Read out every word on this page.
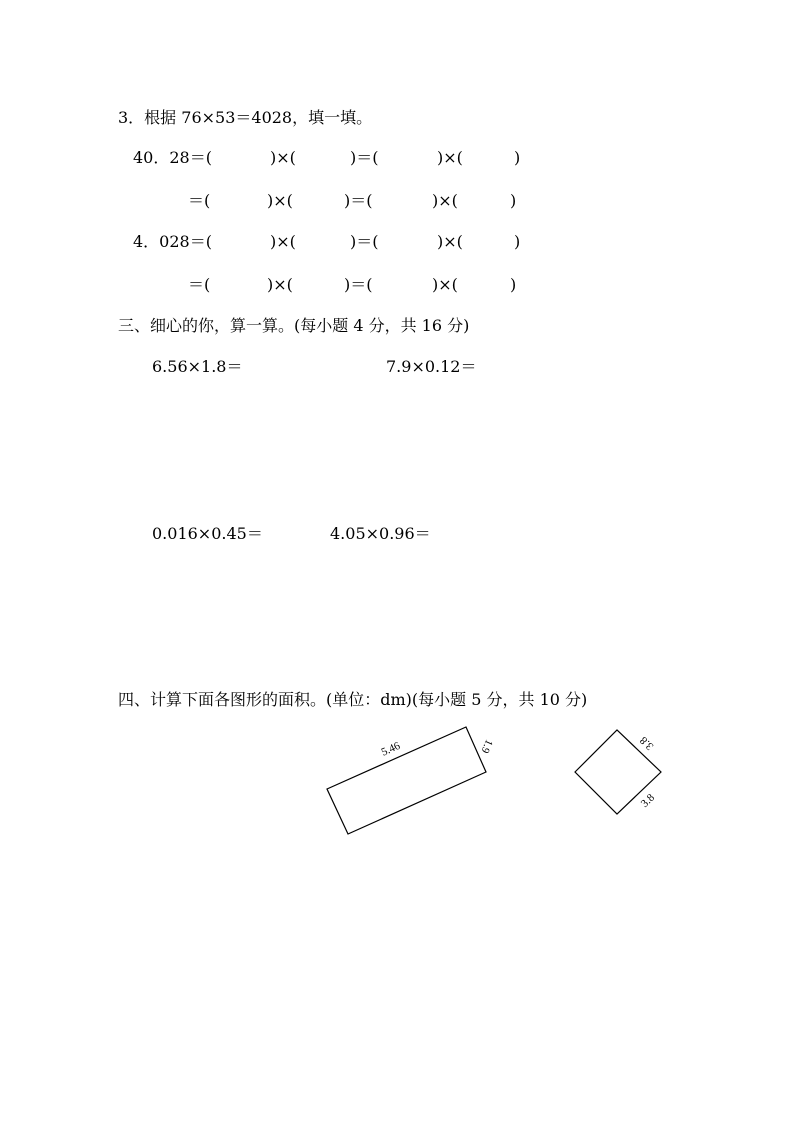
3．根据 76×53＝4028，填一填。
40．28＝(	)×(	)＝(	)×(	)
＝(	)×(	)＝(	)×(	)
4．028＝(	)×(	)＝(	)×(	)
＝(	)×(	)＝(	)×(	)
三、细心的你，算一算。(每小题 4 分，共 16 分)
6.56×1.8＝	7.9×0.12＝
0.016×0.45＝	4.05×0.96＝
四、计算下面各图形的面积。(单位：dm)(每小题 5 分，共 10 分)
5.46	1.9	3.8
3.8
